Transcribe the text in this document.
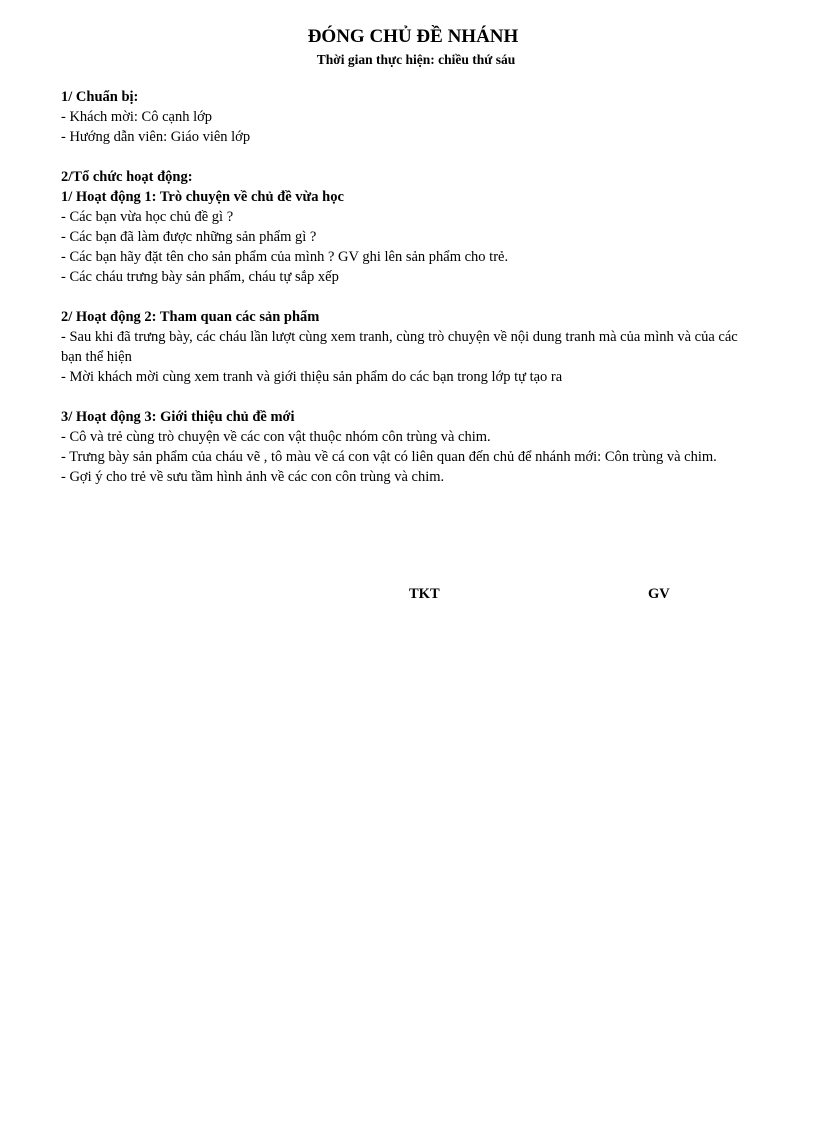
ĐÓNG CHỦ ĐỀ NHÁNH
Thời gian thực hiện: chiều thứ sáu
1/ Chuẩn bị:
- Khách mời: Cô cạnh lớp
- Hướng dẫn viên: Giáo viên lớp
2/Tổ chức hoạt động:
1/ Hoạt động 1: Trò chuyện về chủ đề vừa học
- Các bạn vừa học chủ đề gì ?
- Các bạn đã làm được những sản phẩm gì ?
- Các bạn hãy đặt tên cho sản phẩm của mình ? GV ghi lên sản phẩm cho trẻ.
- Các cháu trưng bày sản phẩm, cháu tự sắp xếp
2/ Hoạt động 2: Tham quan các sản phẩm
- Sau khi đã trưng bày, các cháu lần lượt cùng xem tranh, cùng trò chuyện về nội dung tranh mà của mình và của các bạn thể hiện
- Mời khách mời cùng xem tranh và giới thiệu sản phẩm do các bạn trong lớp tự tạo ra
3/ Hoạt động 3: Giới thiệu chủ đề mới
- Cô và trẻ cùng trò chuyện về các con vật thuộc nhóm côn trùng và chim.
- Trưng bày sản phẩm của cháu vẽ , tô màu về cá con vật có liên quan đến chủ để nhánh mới: Côn trùng và chim.
- Gợi ý cho trẻ về sưu tầm hình ảnh về các con côn trùng và chim.
TKT	GV
